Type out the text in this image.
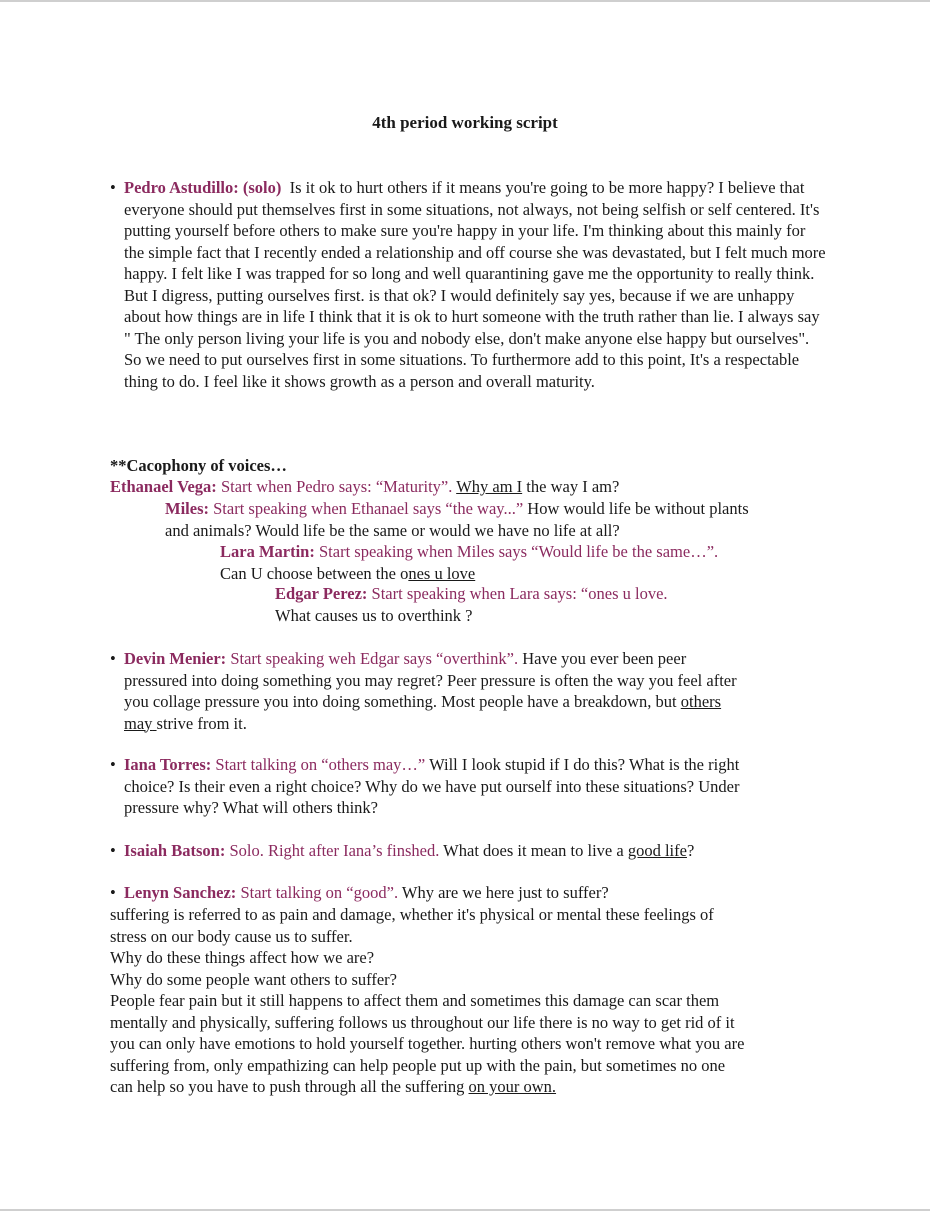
4th period working script
• Pedro Astudillo: (solo) Is it ok to hurt others if it means you're going to be more happy? I believe that everyone should put themselves first in some situations, not always, not being selfish or self centered. It's putting yourself before others to make sure you're happy in your life. I'm thinking about this mainly for the simple fact that I recently ended a relationship and off course she was devastated, but I felt much more happy. I felt like I was trapped for so long and well quarantining gave me the opportunity to really think. But I digress, putting ourselves first. is that ok? I would definitely say yes, because if we are unhappy about how things are in life I think that it is ok to hurt someone with the truth rather than lie. I always say " The only person living your life is you and nobody else, don't make anyone else happy but ourselves". So we need to put ourselves first in some situations. To furthermore add to this point, It's a respectable thing to do. I feel like it shows growth as a person and overall maturity.
**Cacophony of voices…
Ethanael Vega: Start when Pedro says: “Maturity”. Why am I the way I am?
Miles: Start speaking when Ethanael says “the way...” How would life be without plants
and animals? Would life be the same or would we have no life at all?
Lara Martin: Start speaking when Miles says “Would life be the same…”.
Can U choose between the ones u love
Edgar Perez: Start speaking when Lara says: “ones u love.
What causes us to overthink ?
• Devin Menier: Start speaking weh Edgar says “overthink”. Have you ever been peer
pressured into doing something you may regret? Peer pressure is often the way you feel after
you collage pressure you into doing something. Most people have a breakdown, but others
may strive from it.
• Iana Torres: Start talking on “others may…” Will I look stupid if I do this? What is the right
choice? Is their even a right choice? Why do we have put ourself into these situations? Under
pressure why? What will others think?
• Isaiah Batson: Solo. Right after Iana’s finshed. What does it mean to live a good life?
• Lenyn Sanchez: Start talking on “good”. Why are we here just to suffer?
suffering is referred to as pain and damage, whether it's physical or mental these feelings of
stress on our body cause us to suffer.
Why do these things affect how we are?
Why do some people want others to suffer?
People fear pain but it still happens to affect them and sometimes this damage can scar them
mentally and physically, suffering follows us throughout our life there is no way to get rid of it
you can only have emotions to hold yourself together. hurting others won't remove what you are
suffering from, only empathizing can help people put up with the pain, but sometimes no one
can help so you have to push through all the suffering on your own.
